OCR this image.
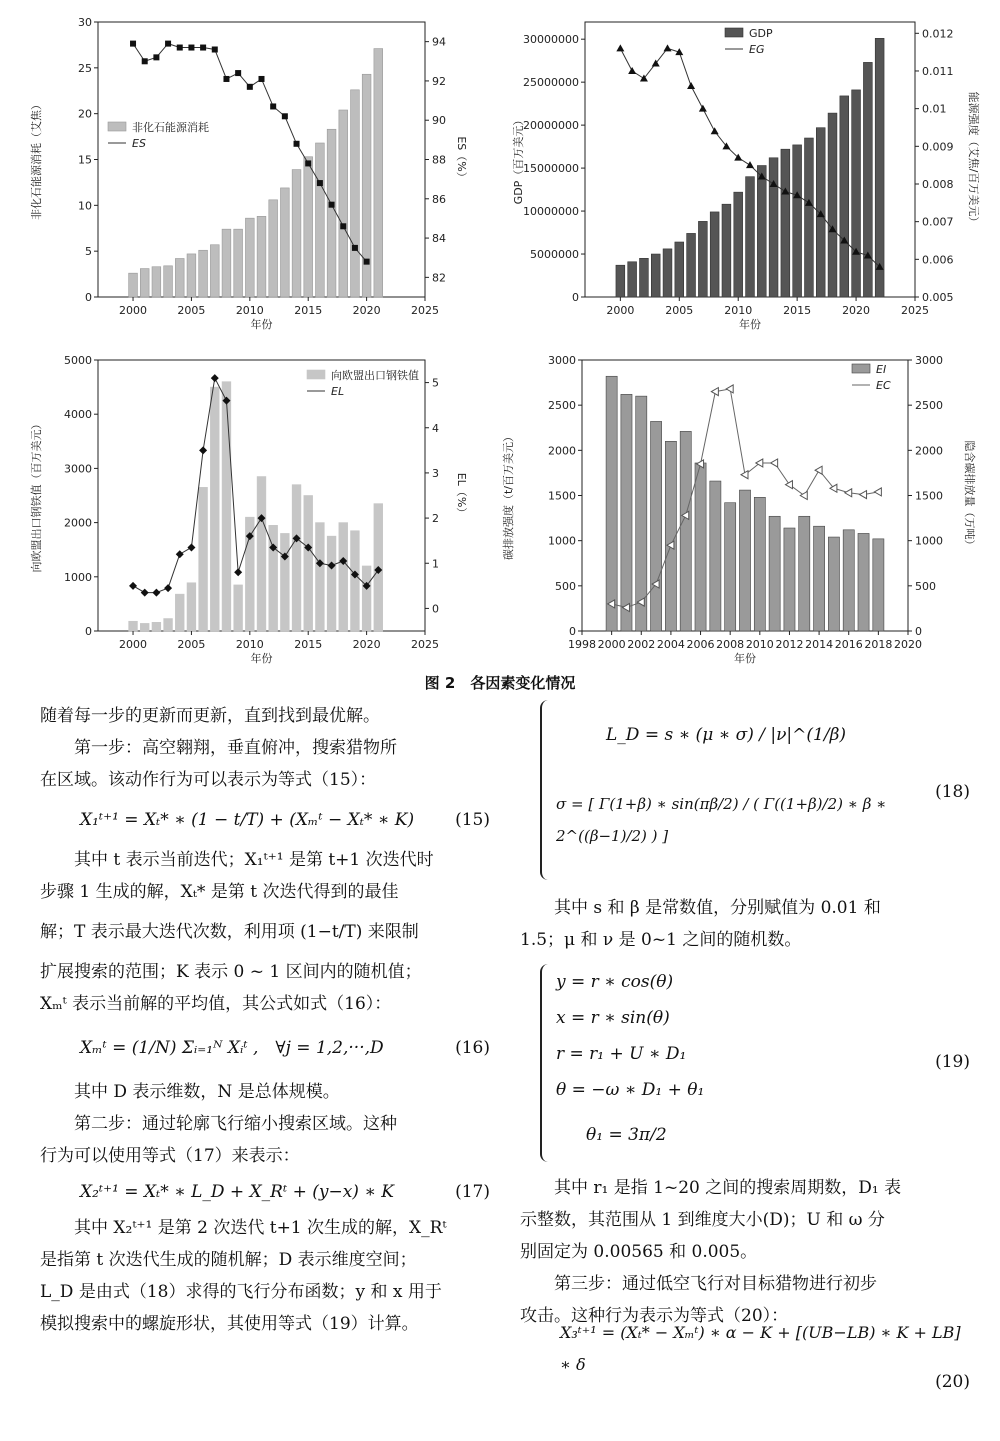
2000	2005	2010	2015	2020	2025
0
5
10
15
20
25
30
82
84
86
88
90
92
94
年份
非化石能源消耗（艾焦）	ES（%）
非化石能源消耗
ES
2000	2005	2010	2015	2020	2025
0
5000000
10000000
15000000
20000000
25000000
30000000
0.005
0.006
0.007
0.008
0.009
0.01
0.011
0.012
年份
GDP（百万美元）	能源强度（艾焦/百万美元）
GDP
EG
2000	2005	2010	2015	2020	2025
0
1000
2000
3000
4000
5000
0
1
2
3
4
5
年份
向欧盟出口钢铁值（百万美元）	EL（%）
向欧盟出口钢铁值
EL
1998 2000 2002 2004 2006 2008 2010 2012 2014 2016 2018 2020
0
500
1000
1500
2000
2500
3000
0
500
1000
1500
2000
2500
3000
年份
碳排放强度（t/百万美元）	隐含碳排放量（万吨）
EI
EC
图 2　各因素变化情况

随着每一步的更新而更新，直到找到最优解。

第一步：高空翱翔，垂直俯冲，搜索猎物所

在区域。该动作行为可以表示为等式（15）：

X₁ᵗ⁺¹ = Xₜ* ∗ (1 − t/T) + (Xₘᵗ − Xₜ* ∗ K)	(15)

其中 t 表示当前迭代；X₁ᵗ⁺¹ 是第 t+1 次迭代时

步骤 1 生成的解，Xₜ* 是第 t 次迭代得到的最佳

解；T 表示最大迭代次数，利用项 (1−t/T) 来限制

扩展搜索的范围；K 表示 0 ~ 1 区间内的随机值；

Xₘᵗ 表示当前解的平均值，其公式如式（16）：

Xₘᵗ = (1/N) Σᵢ₌₁ᴺ Xᵢᵗ ,　∀j = 1,2,···,D	(16)

其中 D 表示维数，N 是总体规模。

第二步：通过轮廓飞行缩小搜索区域。这种

行为可以使用等式（17）来表示：

X₂ᵗ⁺¹ = Xₜ* ∗ L_D + X_Rᵗ + (y−x) ∗ K	(17)

其中 X₂ᵗ⁺¹ 是第 2 次迭代 t+1 次生成的解，X_Rᵗ

是指第 t 次迭代生成的随机解；D 表示维度空间；

L_D 是由式（18）求得的飞行分布函数；y 和 x 用于

模拟搜索中的螺旋形状，其使用等式（19）计算。

L_D = s ∗ (μ ∗ σ) / |ν|^(1/β)
σ = [ Γ(1+β) ∗ sin(πβ/2) / ( Γ((1+β)/2) ∗ β ∗ 2^((β−1)/2) ) ]
(18)

其中 s 和 β 是常数值，分别赋值为 0.01 和

1.5；μ 和 ν 是 0~1 之间的随机数。

y = r ∗ cos(θ)
x = r ∗ sin(θ)
r = r₁ + U ∗ D₁
θ = −ω ∗ D₁ + θ₁
θ₁ = 3π/2
(19)

其中 r₁ 是指 1~20 之间的搜索周期数，D₁ 表

示整数，其范围从 1 到维度大小(D)；U 和 ω 分

别固定为 0.00565 和 0.005。

第三步：通过低空飞行对目标猎物进行初步

攻击。这种行为表示为等式（20）：

X₃ᵗ⁺¹ = (Xₜ* − Xₘᵗ) ∗ α − K + [(UB−LB) ∗ K + LB] ∗ δ
(20)
